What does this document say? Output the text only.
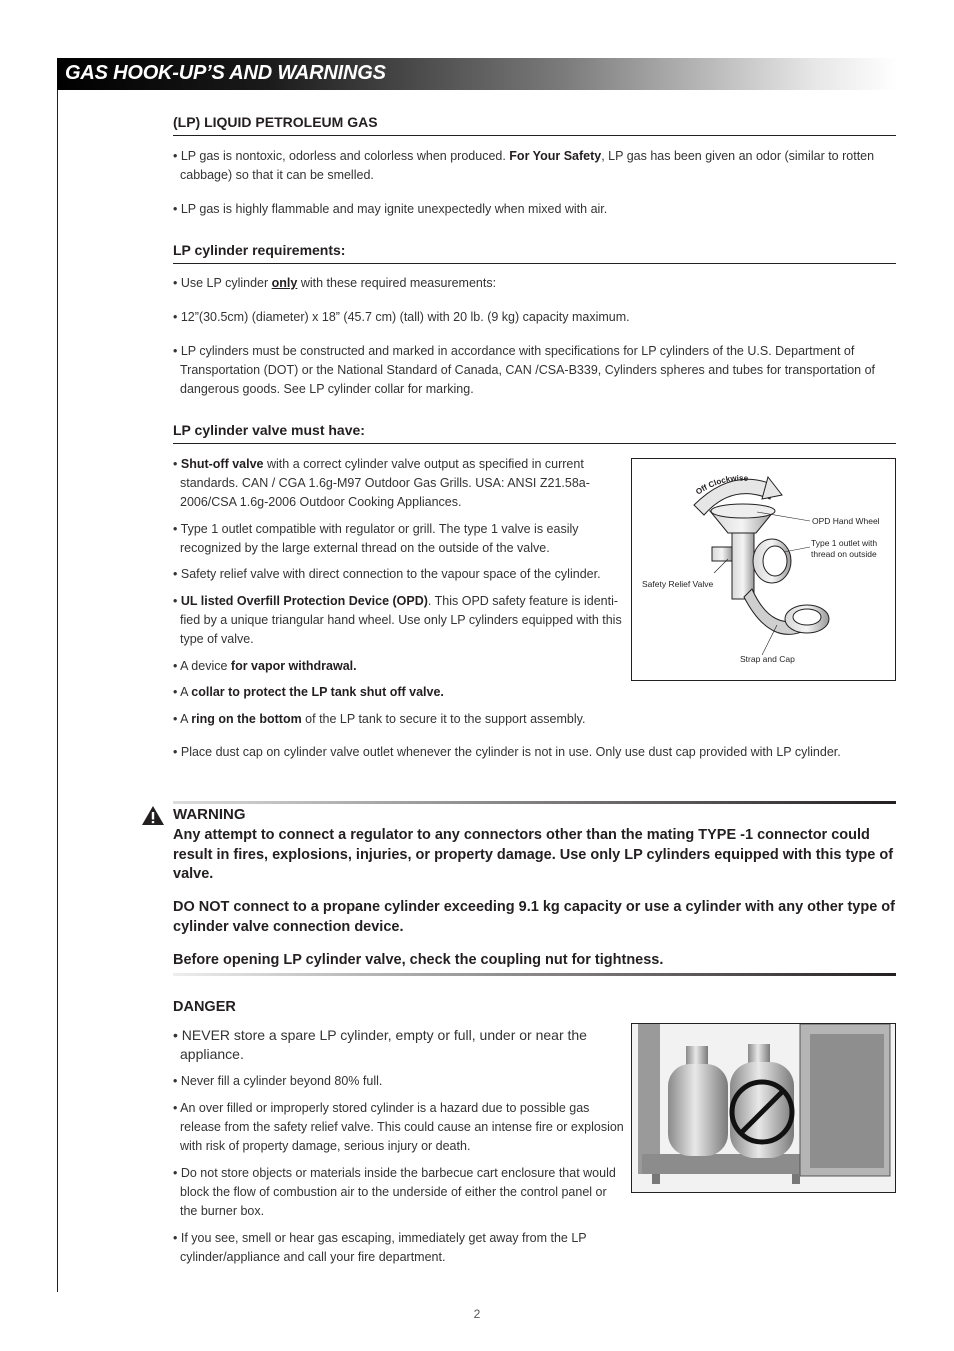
GAS HOOK-UP’S AND WARNINGS
(LP) LIQUID PETROLEUM GAS
• LP gas is nontoxic, odorless and colorless when produced. For Your Safety, LP gas has been given an odor (similar to rotten cabbage) so that it can be smelled.
• LP gas is highly flammable and may ignite unexpectedly when mixed with air.
LP cylinder requirements:
• Use LP cylinder only with these required measurements:
• 12”(30.5cm) (diameter) x 18” (45.7 cm) (tall) with 20 lb. (9 kg) capacity maximum.
• LP cylinders must be constructed and marked in accordance with specifications for LP cylinders of the U.S. Department of Transportation (DOT) or the National Standard of Canada, CAN /CSA-B339, Cylinders spheres and tubes for transportation of dangerous goods. See LP cylinder collar for marking.
LP cylinder valve must have:
• Shut-off valve with a correct cylinder valve output as specified in current standards. CAN / CGA 1.6g-M97 Outdoor Gas Grills. USA: ANSI Z21.58a-2006/CSA 1.6g-2006 Outdoor Cooking Appliances.
• Type 1 outlet compatible with regulator or grill. The type 1 valve is easily recognized by the large external thread on the outside of the valve.
• Safety relief valve with direct connection to the vapour space of the cylinder.
• UL listed Overfill Protection Device (OPD). This OPD safety feature is identi-fied by a unique triangular hand wheel. Use only LP cylinders equipped with this type of valve.
• A device for vapor withdrawal.
• A collar to protect the LP tank shut off valve.
• A ring on the bottom of the LP tank to secure it to the support assembly.
• Place dust cap on cylinder valve outlet whenever the cylinder is not in use. Only use dust cap provided with LP cylinder.
Off Clockwise
OPD Hand Wheel
Type 1 outlet with
thread on outside
Safety Relief Valve
Strap and Cap
WARNING
Any attempt to connect a regulator to any connectors other than the mating TYPE -1 connector could result in fires, explosions, injuries, or property damage. Use only LP cylinders equipped with this type of valve.
DO NOT connect to a propane cylinder exceeding 9.1 kg capacity or use a cylinder with any other type of cylinder valve connection device.
Before opening LP cylinder valve, check the coupling nut for tightness.
DANGER
• NEVER store a spare LP cylinder, empty or full, under or near the appliance.
• Never fill a cylinder beyond 80% full.
• An over filled or improperly stored cylinder is a hazard due to possible gas release from the safety relief valve. This could cause an intense fire or explosion with risk of property damage, serious injury or death.
• Do not store objects or materials inside the barbecue cart enclosure that would block the flow of combustion air to the underside of either the control panel or the burner box.
• If you see, smell or hear gas escaping, immediately get away from the LP cylinder/appliance and call your fire department.
2
